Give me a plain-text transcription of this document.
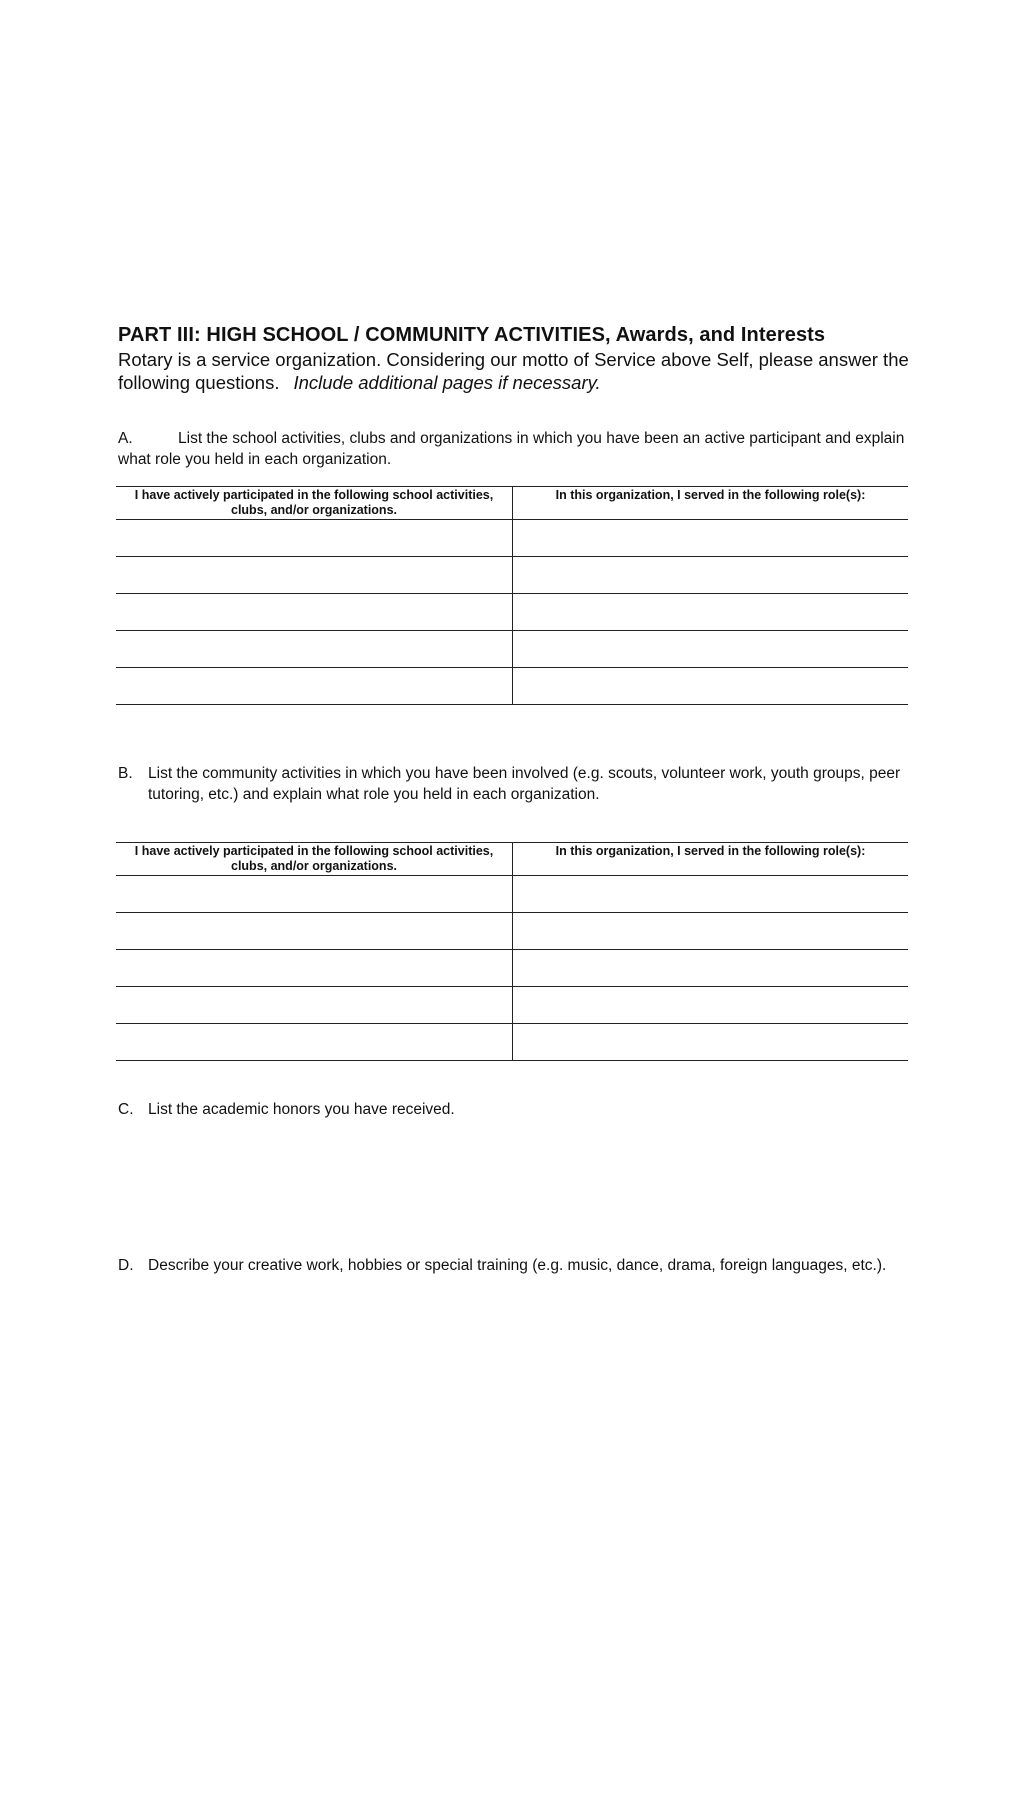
PART III: HIGH SCHOOL / COMMUNITY ACTIVITIES, Awards, and Interests
Rotary is a service organization. Considering our motto of Service above Self, please answer the following questions. Include additional pages if necessary.
A.	List the school activities, clubs and organizations in which you have been an active participant and explain what role you held in each organization.
I have actively participated in the following school activities, clubs, and/or organizations.	In this organization, I served in the following role(s):

B. List the community activities in which you have been involved (e.g. scouts, volunteer work, youth groups, peer tutoring, etc.) and explain what role you held in each organization.
I have actively participated in the following school activities, clubs, and/or organizations.	In this organization, I served in the following role(s):

C. List the academic honors you have received.
D. Describe your creative work, hobbies or special training (e.g. music, dance, drama, foreign languages, etc.).
